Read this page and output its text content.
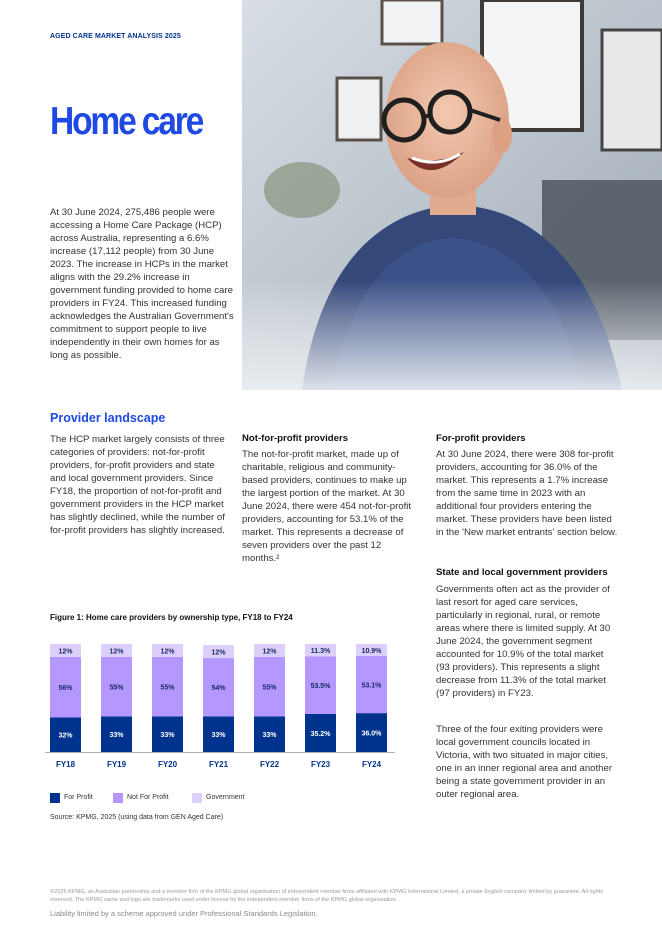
AGED CARE MARKET ANALYSIS 2025
Home care

At 30 June 2024, 275,486 people were accessing a Home Care Package (HCP) across Australia, representing a 6.6% increase (17,112 people) from 30 June 2023. The increase in HCPs in the market aligns with the 29.2% increase in government funding provided to home care providers in FY24. This increased funding acknowledges the Australian Government's commitment to support people to live independently in their own homes for as long as possible.

Provider landscape

The HCP market largely consists of three categories of providers: not-for-profit providers, for-profit providers and state and local government providers. Since FY18, the proportion of not-for-profit and government providers in the HCP market has slightly declined, while the number of for-profit providers has slightly increased.

Not-for-profit providers

The not-for-profit market, made up of charitable, religious and community-based providers, continues to make up the largest portion of the market. At 30 June 2024, there were 454 not-for-profit providers, accounting for 53.1% of the market. This represents a decrease of seven providers over the past 12 months.²

For-profit providers

At 30 June 2024, there were 308 for-profit providers, accounting for 36.0% of the market. This represents a 1.7% increase from the same time in 2023 with an additional four providers entering the market. These providers have been listed in the 'New market entrants' section below.

State and local government providers

Governments often act as the provider of last resort for aged care services, particularly in regional, rural, or remote areas where there is limited supply. At 30 June 2024, the government segment accounted for 10.9% of the total market (93 providers). This represents a slight decrease from 11.3% of the total market (97 providers) in FY23.

Three of the four exiting providers were local government councils located in Victoria, with two situated in major cities, one in an inner regional area and another being a state government provider in an outer regional area.

Figure 1: Home care providers by ownership type, FY18 to FY24
32%
56%
12%
FY18
33%
55%
12%
FY19
33%
55%
12%
FY20
33%
54%
12%
FY21
33%
55%
12%
FY22
35.2%
53.5%
11.3%
FY23
36.0%
53.1%
10.9%
FY24
For Profit	Not For Profit	Government
Source: KPMG, 2025 (using data from GEN Aged Care)
©2025 KPMG, an Australian partnership and a member firm of the KPMG global organisation of independent member firms affiliated with KPMG International Limited, a private English company limited by guarantee. All rights reserved. The KPMG name and logo are trademarks used under license by the independent member firms of the KPMG global organisation.
Liability limited by a scheme approved under Professional Standards Legislation.
